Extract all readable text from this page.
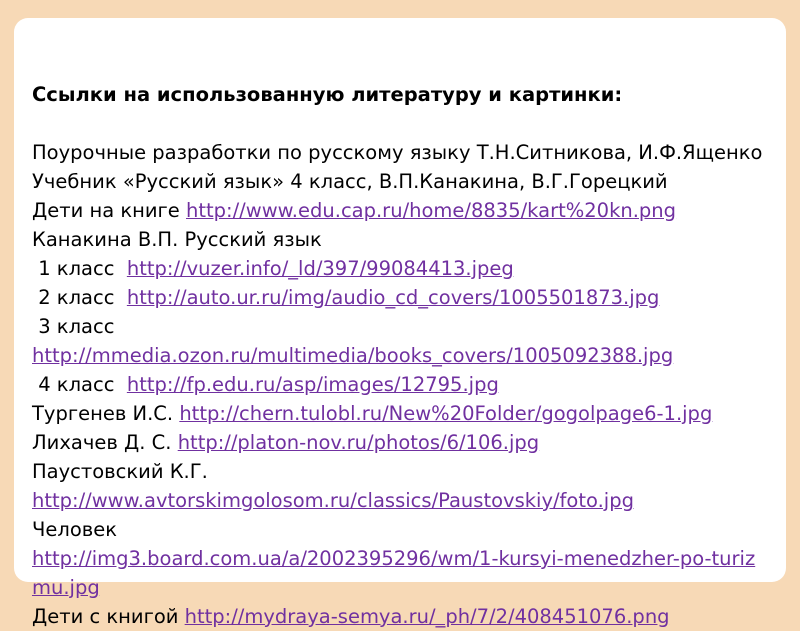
Ссылки на использованную литературу и картинки:
Поурочные разработки по русскому языку Т.Н.Ситникова, И.Ф.Ященко
Учебник «Русский язык» 4 класс, В.П.Канакина, В.Г.Горецкий
Дети на книге http://www.edu.cap.ru/home/8835/kart%20kn.png
Канакина В.П. Русский язык
1 класс  http://vuzer.info/_ld/397/99084413.jpeg
2 класс  http://auto.ur.ru/img/audio_cd_covers/1005501873.jpg
3 класс
http://mmedia.ozon.ru/multimedia/books_covers/1005092388.jpg
4 класс  http://fp.edu.ru/asp/images/12795.jpg
Тургенев И.С. http://chern.tulobl.ru/New%20Folder/gogolpage6-1.jpg
Лихачев Д. С. http://platon-nov.ru/photos/6/106.jpg
Паустовский К.Г.
http://www.avtorskimgolosom.ru/classics/Paustovskiy/foto.jpg
Человек
http://img3.board.com.ua/a/2002395296/wm/1-kursyi-menedzher-po-turizmu.jpg
Дети с книгой http://mydraya-semya.ru/_ph/7/2/408451076.png
